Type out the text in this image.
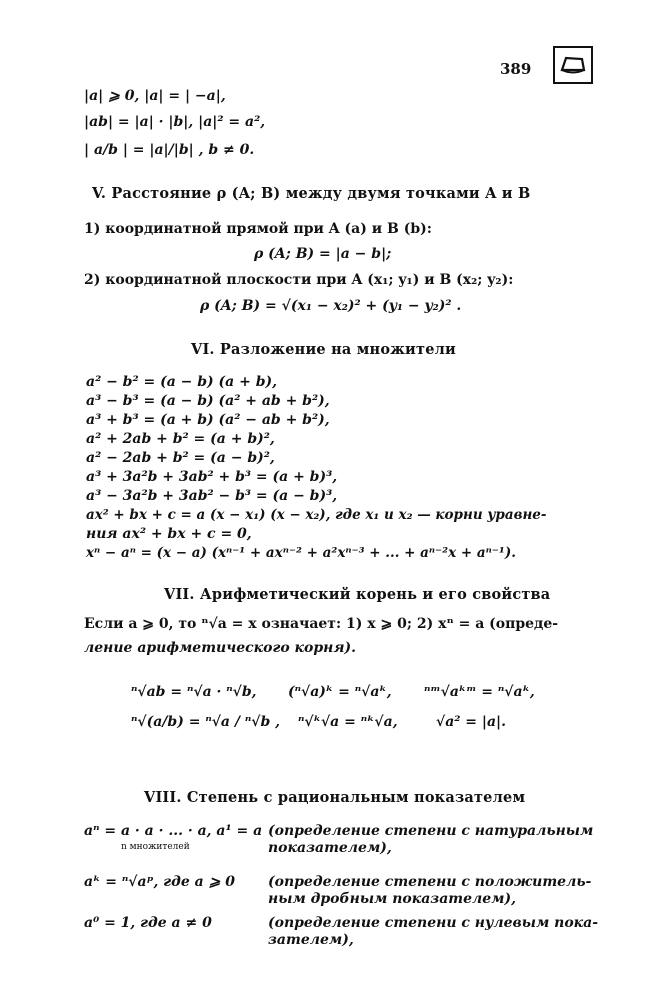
389
|a| ⩾ 0, |a| = | −a|,
|ab| = |a| · |b|, |a|² = a²,
| a/b | = |a|/|b| , b ≠ 0.
V. Расстояние ρ (A; B) между двумя точками A и B
1) координатной прямой при A (a) и B (b):
ρ (A; B) = |a − b|;
2) координатной плоскости при A (x₁; y₁) и B (x₂; y₂):
ρ (A; B) = √(x₁ − x₂)² + (y₁ − y₂)² .
VI. Разложение на множители
a² − b² = (a − b) (a + b),
a³ − b³ = (a − b) (a² + ab + b²),
a³ + b³ = (a + b) (a² − ab + b²),
a² + 2ab + b² = (a + b)²,
a² − 2ab + b² = (a − b)²,
a³ + 3a²b + 3ab² + b³ = (a + b)³,
a³ − 3a²b + 3ab² − b³ = (a − b)³,
ax² + bx + c = a (x − x₁) (x − x₂), где x₁ и x₂ — корни уравне-
ния ax² + bx + c = 0,
xⁿ − aⁿ = (x − a) (xⁿ⁻¹ + axⁿ⁻² + a²xⁿ⁻³ + ... + aⁿ⁻²x + aⁿ⁻¹).
VII. Арифметический корень и его свойства
Если a ⩾ 0, то ⁿ√a = x означает: 1) x ⩾ 0; 2) xⁿ = a (опреде-
ление арифметического корня).
ⁿ√ab = ⁿ√a · ⁿ√b, (ⁿ√a)ᵏ = ⁿ√aᵏ, ⁿᵐ√aᵏᵐ = ⁿ√aᵏ,
ⁿ√(a/b) = ⁿ√a / ⁿ√b , ⁿ√ᵏ√a = ⁿᵏ√a,	√a² = |a|.
VIII. Степень с рациональным показателем
aⁿ = a · a · ... · a, a¹ = a
n множителей
(определение степени с натуральным
показателем),
aᵏ = ⁿ√aᵖ, где a ⩾ 0 (определение степени с положитель-
ным дробным показателем),
a⁰ = 1, где a ≠ 0	(определение степени с нулевым пока-
зателем),
